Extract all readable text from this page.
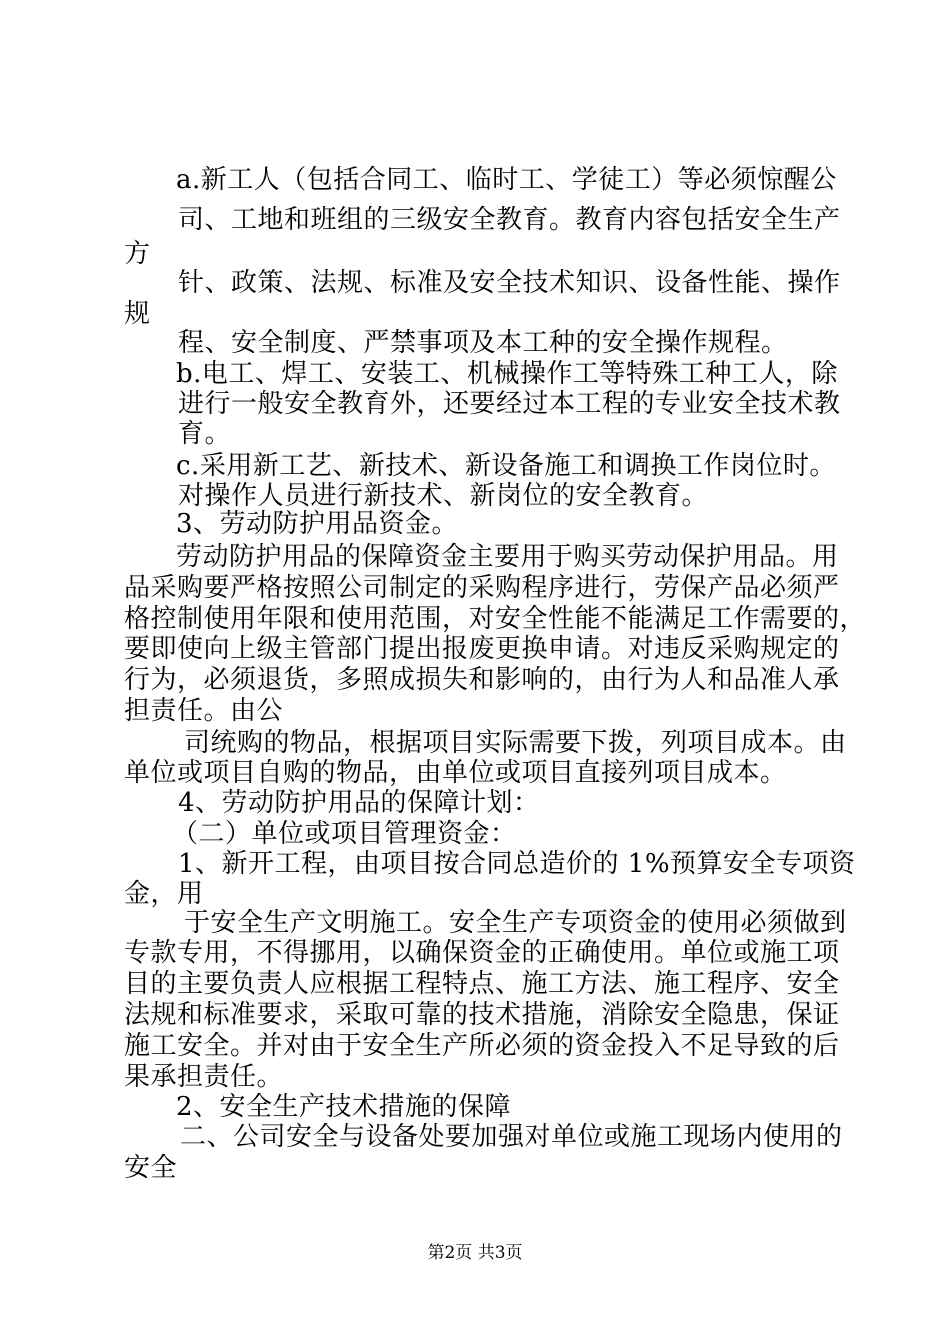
a.新工人（包括合同工、临时工、学徒工）等必须惊醒公
司、工地和班组的三级安全教育。教育内容包括安全生产
方
针、政策、法规、标准及安全技术知识、设备性能、操作
规
程、安全制度、严禁事项及本工种的安全操作规程。
b.电工、焊工、安装工、机械操作工等特殊工种工人，除
进行一般安全教育外，还要经过本工程的专业安全技术教
育。
c.采用新工艺、新技术、新设备施工和调换工作岗位时。
对操作人员进行新技术、新岗位的安全教育。
3、劳动防护用品资金。
劳动防护用品的保障资金主要用于购买劳动保护用品。用
品采购要严格按照公司制定的采购程序进行，劳保产品必须严
格控制使用年限和使用范围，对安全性能不能满足工作需要的，
要即使向上级主管部门提出报废更换申请。对违反采购规定的
行为，必须退货，多照成损失和影响的，由行为人和品准人承
担责任。由公
司统购的物品，根据项目实际需要下拨，列项目成本。由
单位或项目自购的物品，由单位或项目直接列项目成本。
4、劳动防护用品的保障计划：
（二）单位或项目管理资金：
1、新开工程，由项目按合同总造价的 1%预算安全专项资
金，用
于安全生产文明施工。安全生产专项资金的使用必须做到
专款专用，不得挪用，以确保资金的正确使用。单位或施工项
目的主要负责人应根据工程特点、施工方法、施工程序、安全
法规和标准要求，采取可靠的技术措施，消除安全隐患，保证
施工安全。并对由于安全生产所必须的资金投入不足导致的后
果承担责任。
2、安全生产技术措施的保障
二、公司安全与设备处要加强对单位或施工现场内使用的
安全
第2页 共3页
